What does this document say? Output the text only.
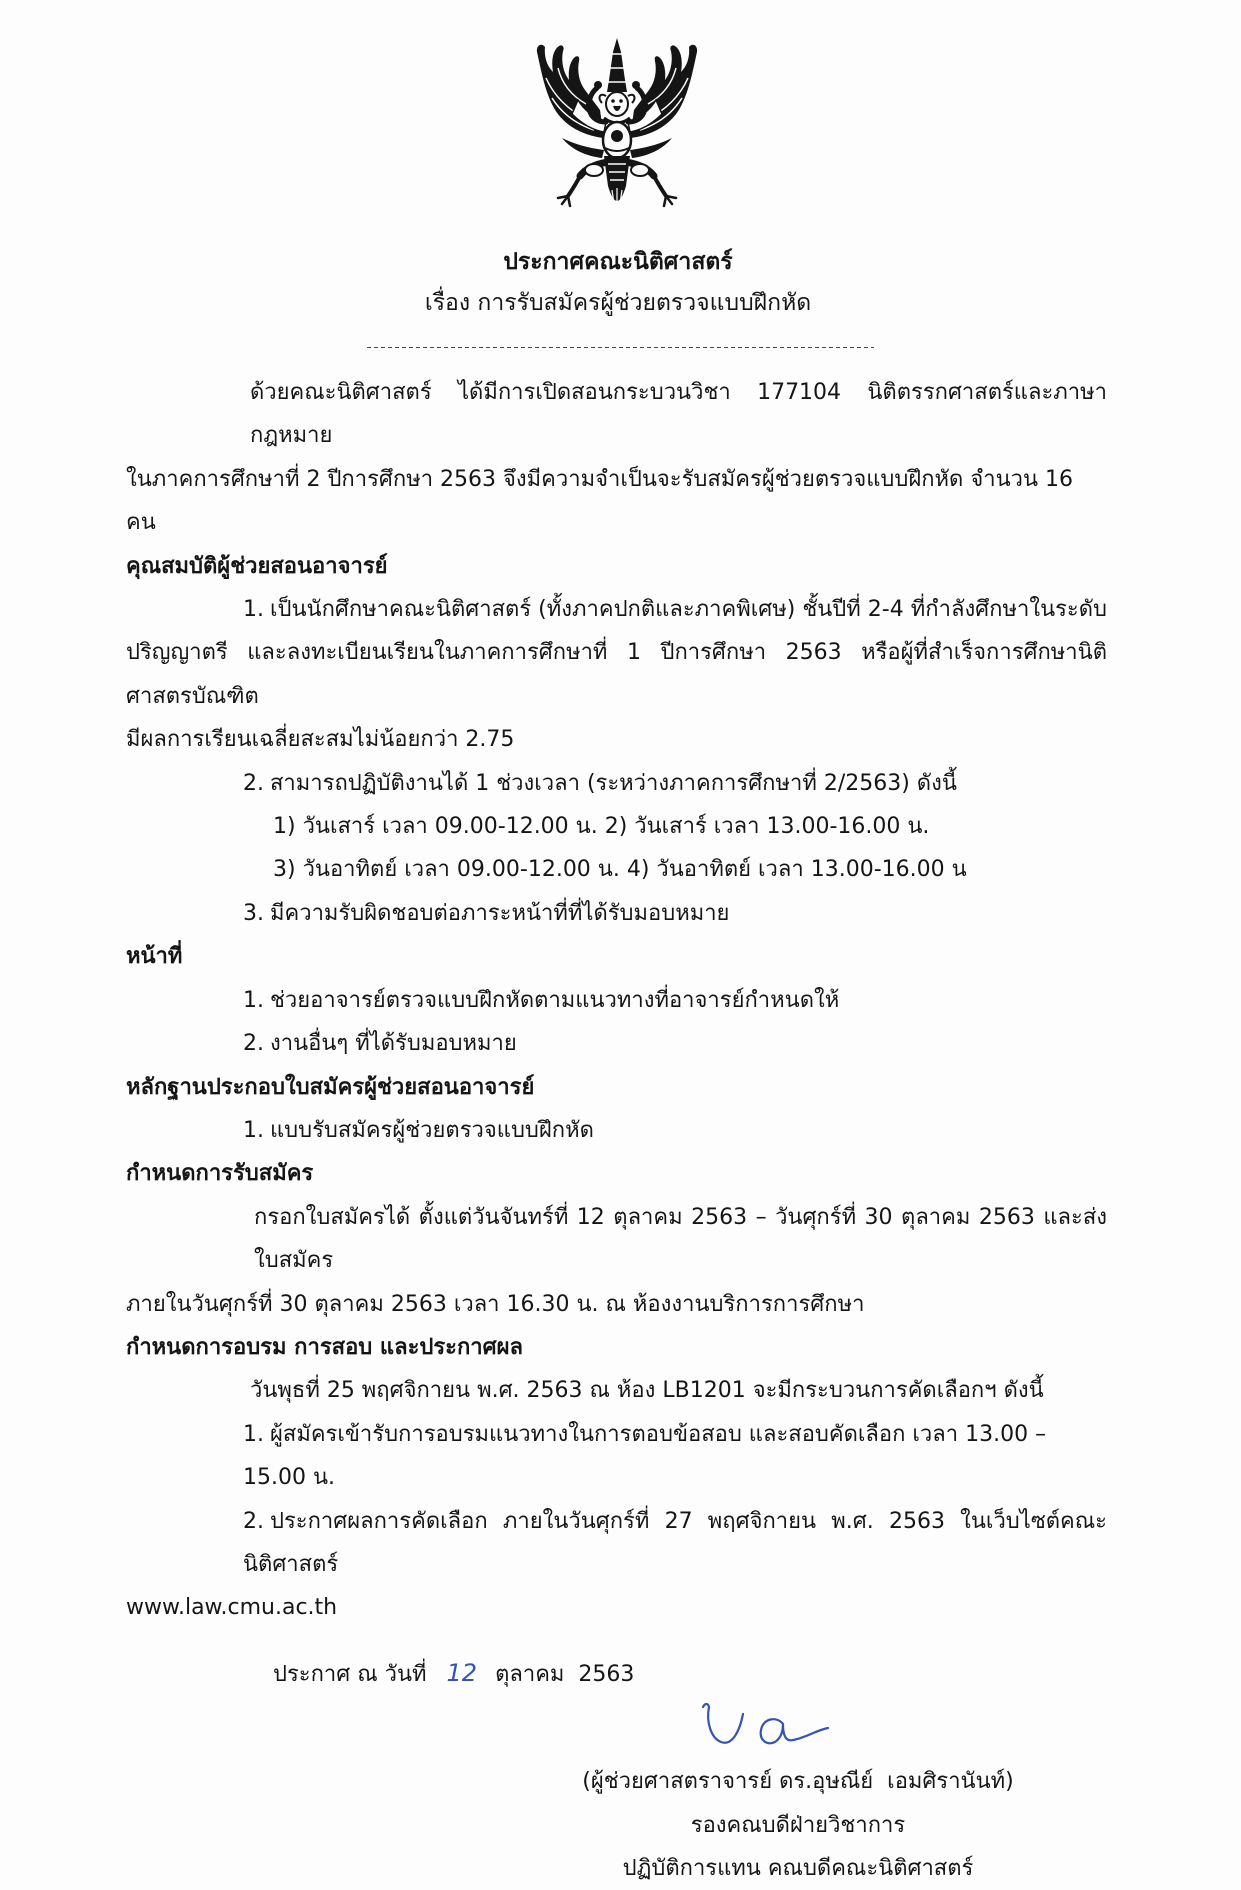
ประกาศคณะนิติศาสตร์
เรื่อง การรับสมัครผู้ช่วยตรวจแบบฝึกหัด
ด้วยคณะนิติศาสตร์ ได้มีการเปิดสอนกระบวนวิชา 177104 นิติตรรกศาสตร์และภาษากฎหมาย
ในภาคการศึกษาที่ 2 ปีการศึกษา 2563 จึงมีความจำเป็นจะรับสมัครผู้ช่วยตรวจแบบฝึกหัด จำนวน 16 คน
คุณสมบัติผู้ช่วยสอนอาจารย์
1. เป็นนักศึกษาคณะนิติศาสตร์ (ทั้งภาคปกติและภาคพิเศษ) ชั้นปีที่ 2-4 ที่กำลังศึกษาในระดับ
ปริญญาตรี และลงทะเบียนเรียนในภาคการศึกษาที่ 1 ปีการศึกษา 2563 หรือผู้ที่สำเร็จการศึกษานิติศาสตรบัณฑิต
มีผลการเรียนเฉลี่ยสะสมไม่น้อยกว่า 2.75
2. สามารถปฏิบัติงานได้ 1 ช่วงเวลา (ระหว่างภาคการศึกษาที่ 2/2563) ดังนี้
1) วันเสาร์ เวลา 09.00-12.00 น. 2) วันเสาร์ เวลา 13.00-16.00 น.
3) วันอาทิตย์ เวลา 09.00-12.00 น. 4) วันอาทิตย์ เวลา 13.00-16.00 น
3. มีความรับผิดชอบต่อภาระหน้าที่ที่ได้รับมอบหมาย
หน้าที่
1. ช่วยอาจารย์ตรวจแบบฝึกหัดตามแนวทางที่อาจารย์กำหนดให้
2. งานอื่นๆ ที่ได้รับมอบหมาย
หลักฐานประกอบใบสมัครผู้ช่วยสอนอาจารย์
1. แบบรับสมัครผู้ช่วยตรวจแบบฝึกหัด
กำหนดการรับสมัคร
กรอกใบสมัครได้ ตั้งแต่วันจันทร์ที่ 12 ตุลาคม 2563 – วันศุกร์ที่ 30 ตุลาคม 2563 และส่งใบสมัคร
ภายในวันศุกร์ที่ 30 ตุลาคม 2563 เวลา 16.30 น. ณ ห้องงานบริการการศึกษา
กำหนดการอบรม การสอบ และประกาศผล
วันพุธที่ 25 พฤศจิกายน พ.ศ. 2563 ณ ห้อง LB1201 จะมีกระบวนการคัดเลือกฯ ดังนี้
1. ผู้สมัครเข้ารับการอบรมแนวทางในการตอบข้อสอบ และสอบคัดเลือก เวลา 13.00 – 15.00 น.
2. ประกาศผลการคัดเลือก ภายในวันศุกร์ที่ 27 พฤศจิกายน พ.ศ. 2563 ในเว็บไซต์คณะนิติศาสตร์
www.law.cmu.ac.th
ประกาศ ณ วันที่ 12 ตุลาคม  2563
(ผู้ช่วยศาสตราจารย์ ดร.อุษณีย์  เอมศิรานันท์)
รองคณบดีฝ่ายวิชาการ
ปฏิบัติการแทน คณบดีคณะนิติศาสตร์
